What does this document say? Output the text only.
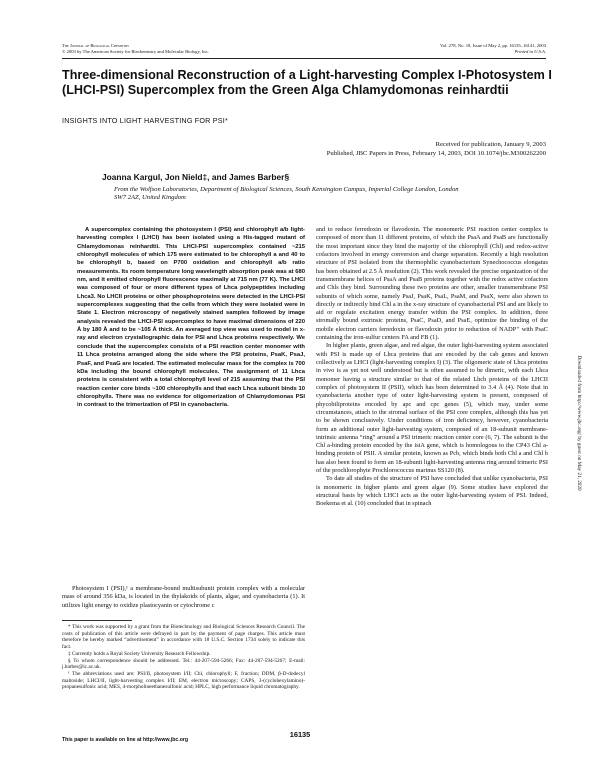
The Journal of Biological Chemistry
© 2003 by The American Society for Biochemistry and Molecular Biology, Inc.
Vol. 278, No. 18, Issue of May 2, pp. 16135–16141, 2003
Printed in U.S.A.
Three-dimensional Reconstruction of a Light-harvesting Complex I-Photosystem I (LHCI-PSI) Supercomplex from the Green Alga Chlamydomonas reinhardtii
INSIGHTS INTO LIGHT HARVESTING FOR PSI*
Received for publication, January 9, 2003
Published, JBC Papers in Press, February 14, 2003, DOI 10.1074/jbc.M300262200
Joanna Kargul, Jon Nield‡, and James Barber§
From the Wolfson Laboratories, Department of Biological Sciences, South Kensington Campus, Imperial College London, London SW7 2AZ, United Kingdom

A supercomplex containing the photosystem I (PSI) and chlorophyll a/b light-harvesting complex I (LHCI) has been isolated using a His-tagged mutant of Chlamydomonas reinhardtii. This LHCI-PSI supercomplex contained ~215 chlorophyll molecules of which 175 were estimated to be chlorophyll a and 40 to be chlorophyll b, based on P700 oxidation and chlorophyll a/b ratio measurements. Its room temperature long wavelength absorption peak was at 680 nm, and it emitted chlorophyll fluorescence maximally at 715 nm (77 K). The LHCI was composed of four or more different types of Lhca polypeptides including Lhca3. No LHCII proteins or other phosphoproteins were detected in the LHCI-PSI supercomplexes suggesting that the cells from which they were isolated were in State 1. Electron microscopy of negatively stained samples followed by image analysis revealed the LHCI-PSI supercomplex to have maximal dimensions of 220 Å by 180 Å and to be ~105 Å thick. An averaged top view was used to model in x-ray and electron crystallographic data for PSI and Lhca proteins respectively. We conclude that the supercomplex consists of a PSI reaction center monomer with 11 Lhca proteins arranged along the side where the PSI proteins, PsaK, PsaJ, PsaF, and PsaG are located. The estimated molecular mass for the complex is 700 kDa including the bound chlorophyll molecules. The assignment of 11 Lhca proteins is consistent with a total chlorophyll level of 215 assuming that the PSI reaction center core binds ~100 chlorophylls and that each Lhca subunit binds 10 chlorophylls. There was no evidence for oligomerization of Chlamydomonas PSI in contrast to the trimerization of PSI in cyanobacteria.

Photosystem I (PSI),¹ a membrane-bound multisubunit protein complex with a molecular mass of around 356 kDa, is located in the thylakoids of plants, algae, and cyanobacteria (1). It utilizes light energy to oxidize plastocyanin or cytochrome c

* This work was supported by a grant from the Biotechnology and Biological Sciences Research Council. The costs of publication of this article were defrayed in part by the payment of page charges. This article must therefore be hereby marked “advertisement” in accordance with 18 U.S.C. Section 1734 solely to indicate this fact.

‡ Currently holds a Royal Society University Research Fellowship.

§ To whom correspondence should be addressed. Tel.: 44-207-594-5266; Fax: 44-207-594-5267; E-mail: j.barber@ic.ac.uk.

¹ The abbreviations used are: PSI/II, photosystem I/II; Chl, chlorophyll; F, fraction; DDM, β-D-dodecyl maltoside; LHCI/II, light-harvesting complex I/II; EM, electron microscopy; CAPS, 3-(cyclohexylamino)-propanesulfonic acid; MES, 4-morpholineethanesulfonic acid; HPLC, high performance liquid chromatography.

and to reduce ferredoxin or flavodoxin. The monomeric PSI reaction center complex is composed of more than 11 different proteins, of which the PsaA and PsaB are functionally the most important since they bind the majority of the chlorophyll (Chl) and redox-active cofactors involved in energy conversion and charge separation. Recently a high resolution structure of PSI isolated from the thermophilic cyanobacterium Synechococcus elongatus has been obtained at 2.5 Å resolution (2). This work revealed the precise organization of the transmembrane helices of PsaA and PsaB proteins together with the redox active cofactors and Chls they bind. Surrounding these two proteins are other, smaller transmembrane PSI subunits of which some, namely PsaJ, PsaK, PsaL, PsaM, and PsaX, were also shown to directly or indirectly bind Chl a in the x-ray structure of cyanobacterial PSI and are likely to aid or regulate excitation energy transfer within the PSI complex. In addition, three stromally bound extrinsic proteins, PsaC, PsaD, and PsaE, optimize the binding of the mobile electron carriers ferredoxin or flavodoxin prior to reduction of NADP⁺ with PsaC containing the iron-sulfur centers FA and FB (1).

In higher plants, green algae, and red algae, the outer light-harvesting system associated with PSI is made up of Lhca proteins that are encoded by the cab genes and known collectively as LHCI (light-harvesting complex I) (3). The oligomeric state of Lhca proteins in vivo is as yet not well understood but is often assumed to be dimeric, with each Lhca monomer having a structure similar to that of the related Lhcb proteins of the LHCII complex of photosystem II (PSII), which has been determined to 3.4 Å (4). Note that in cyanobacteria another type of outer light-harvesting system is present, composed of phycobiliproteins encoded by apc and cpc genes (5), which may, under some circumstances, attach to the stromal surface of the PSI core complex, although this has yet to be shown conclusively. Under conditions of iron deficiency, however, cyanobacteria form an additional outer light-harvesting system, composed of an 18-subunit membrane-intrinsic antenna “ring” around a PSI trimeric reaction center core (6, 7). The subunit is the Chl a-binding protein encoded by the isiA gene, which is homologous to the CP43 Chl a-binding protein of PSII. A similar protein, known as Pcb, which binds both Chl a and Chl b has also been found to form an 18-subunit light-harvesting antenna ring around trimeric PSI of the prochlorophyte Prochlorococcus marinus SS120 (8).

To date all studies of the structure of PSI have concluded that unlike cyanobacteria, PSI is monomeric in higher plants and green algae (9). Some studies have explored the structural basis by which LHCI acts as the outer light-harvesting system of PSI. Indeed, Boekema et al. (10) concluded that in spinach

Downloaded from http://www.jbc.org/ by guest on May 21, 2020
This paper is available on line at http://www.jbc.org
16135
